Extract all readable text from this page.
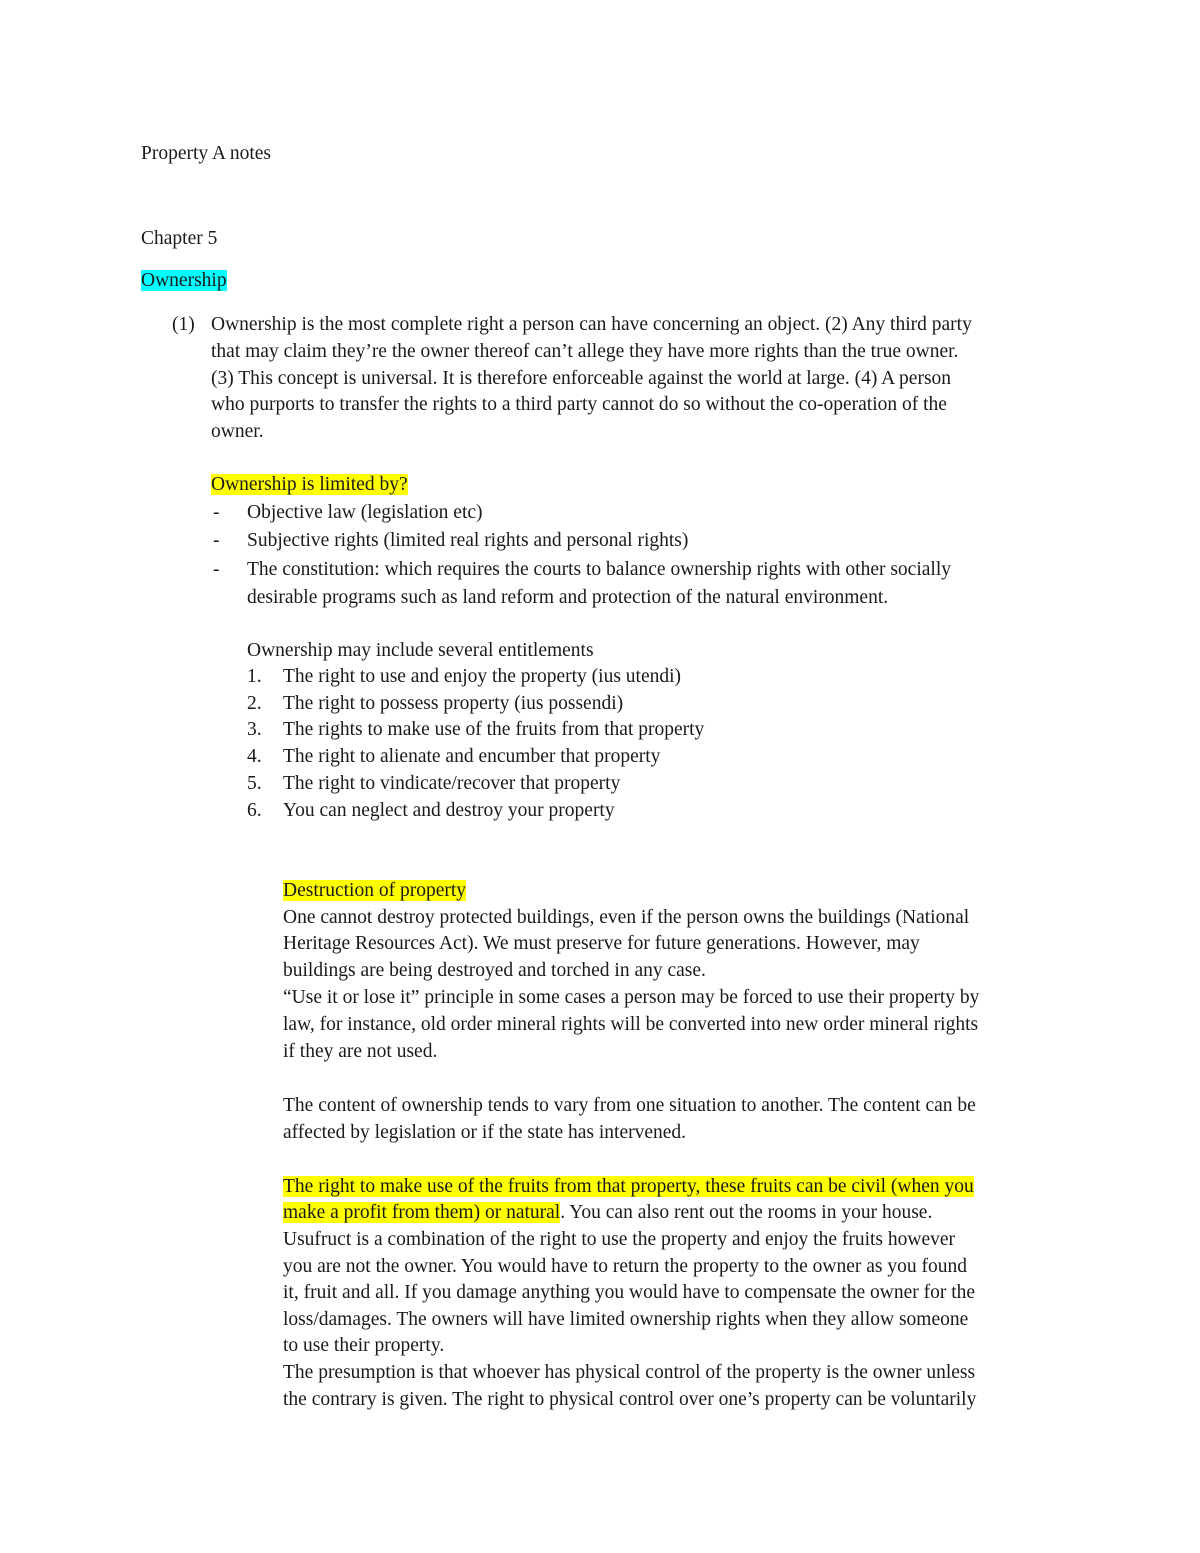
Property A notes

Chapter 5

Ownership

(1) Ownership is the most complete right a person can have concerning an object. (2) Any third party

that may claim they’re the owner thereof can’t allege they have more rights than the true owner.

(3) This concept is universal. It is therefore enforceable against the world at large. (4) A person

who purports to transfer the rights to a third party cannot do so without the co-operation of the

owner.

Ownership is limited by?

- Objective law (legislation etc)

- Subjective rights (limited real rights and personal rights)

- The constitution: which requires the courts to balance ownership rights with other socially

desirable programs such as land reform and protection of the natural environment.

Ownership may include several entitlements

1. The right to use and enjoy the property (ius utendi)

2. The right to possess property (ius possendi)

3. The rights to make use of the fruits from that property

4. The right to alienate and encumber that property

5. The right to vindicate/recover that property

6. You can neglect and destroy your property

Destruction of property

One cannot destroy protected buildings, even if the person owns the buildings (National

Heritage Resources Act). We must preserve for future generations. However, may

buildings are being destroyed and torched in any case.

“Use it or lose it” principle in some cases a person may be forced to use their property by

law, for instance, old order mineral rights will be converted into new order mineral rights

if they are not used.

The content of ownership tends to vary from one situation to another. The content can be

affected by legislation or if the state has intervened.

The right to make use of the fruits from that property, these fruits can be civil (when you

make a profit from them) or natural. You can also rent out the rooms in your house.

Usufruct is a combination of the right to use the property and enjoy the fruits however

you are not the owner. You would have to return the property to the owner as you found

it, fruit and all. If you damage anything you would have to compensate the owner for the

loss/damages. The owners will have limited ownership rights when they allow someone

to use their property.

The presumption is that whoever has physical control of the property is the owner unless

the contrary is given. The right to physical control over one’s property can be voluntarily
